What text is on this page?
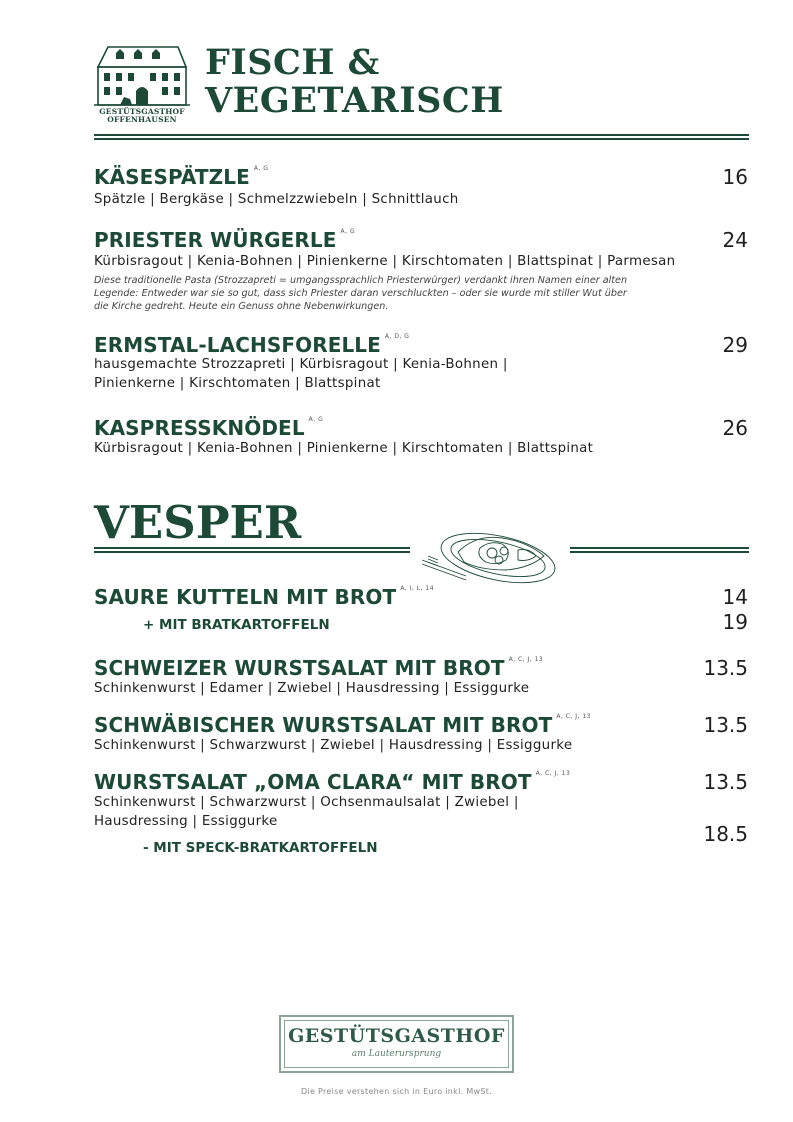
GESTÜTSGASTHOF
OFFENHAUSEN
FISCH &
VEGETARISCH
KÄSESPÄTZLE $^{A, G}$	16
Spätzle | Bergkäse | Schmelzzwiebeln | Schnittlauch
PRIESTER WÜRGERLE $^{A, G}$	24
Kürbisragout | Kenia-Bohnen | Pinienkerne | Kirschtomaten | Blattspinat | Parmesan
Diese traditionelle Pasta (Strozzapreti = umgangssprachlich Priesterwürger) verdankt ihren Namen einer alten
Legende: Entweder war sie so gut, dass sich Priester daran verschluckten – oder sie wurde mit stiller Wut über
die Kirche gedreht. Heute ein Genuss ohne Nebenwirkungen.
ERMSTAL-LACHSFORELLE $^{A, D, G}$	29
hausgemachte Strozzapreti | Kürbisragout | Kenia-Bohnen |
Pinienkerne | Kirschtomaten | Blattspinat
KASPRESSKNÖDEL $^{A, G}$	26
Kürbisragout | Kenia-Bohnen | Pinienkerne | Kirschtomaten | Blattspinat
VESPER
SAURE KUTTELN MIT BROT $^{A, I, L, 14}$	14
+ MIT BRATKARTOFFELN	19
SCHWEIZER WURSTSALAT MIT BROT $^{A, C, J, 13}$	13.5
Schinkenwurst | Edamer | Zwiebel | Hausdressing | Essiggurke
SCHWÄBISCHER WURSTSALAT MIT BROT $^{A, C, J, 13}$	13.5
Schinkenwurst | Schwarzwurst | Zwiebel | Hausdressing | Essiggurke
WURSTSALAT „OMA CLARA“ MIT BROT $^{A, C, J, 13}$	13.5
Schinkenwurst | Schwarzwurst | Ochsenmaulsalat | Zwiebel |
Hausdressing | Essiggurke
18.5
- MIT SPECK-BRATKARTOFFELN
GESTÜTSGASTHOF
am Lauterursprung
Die Preise verstehen sich in Euro inkl. MwSt.
